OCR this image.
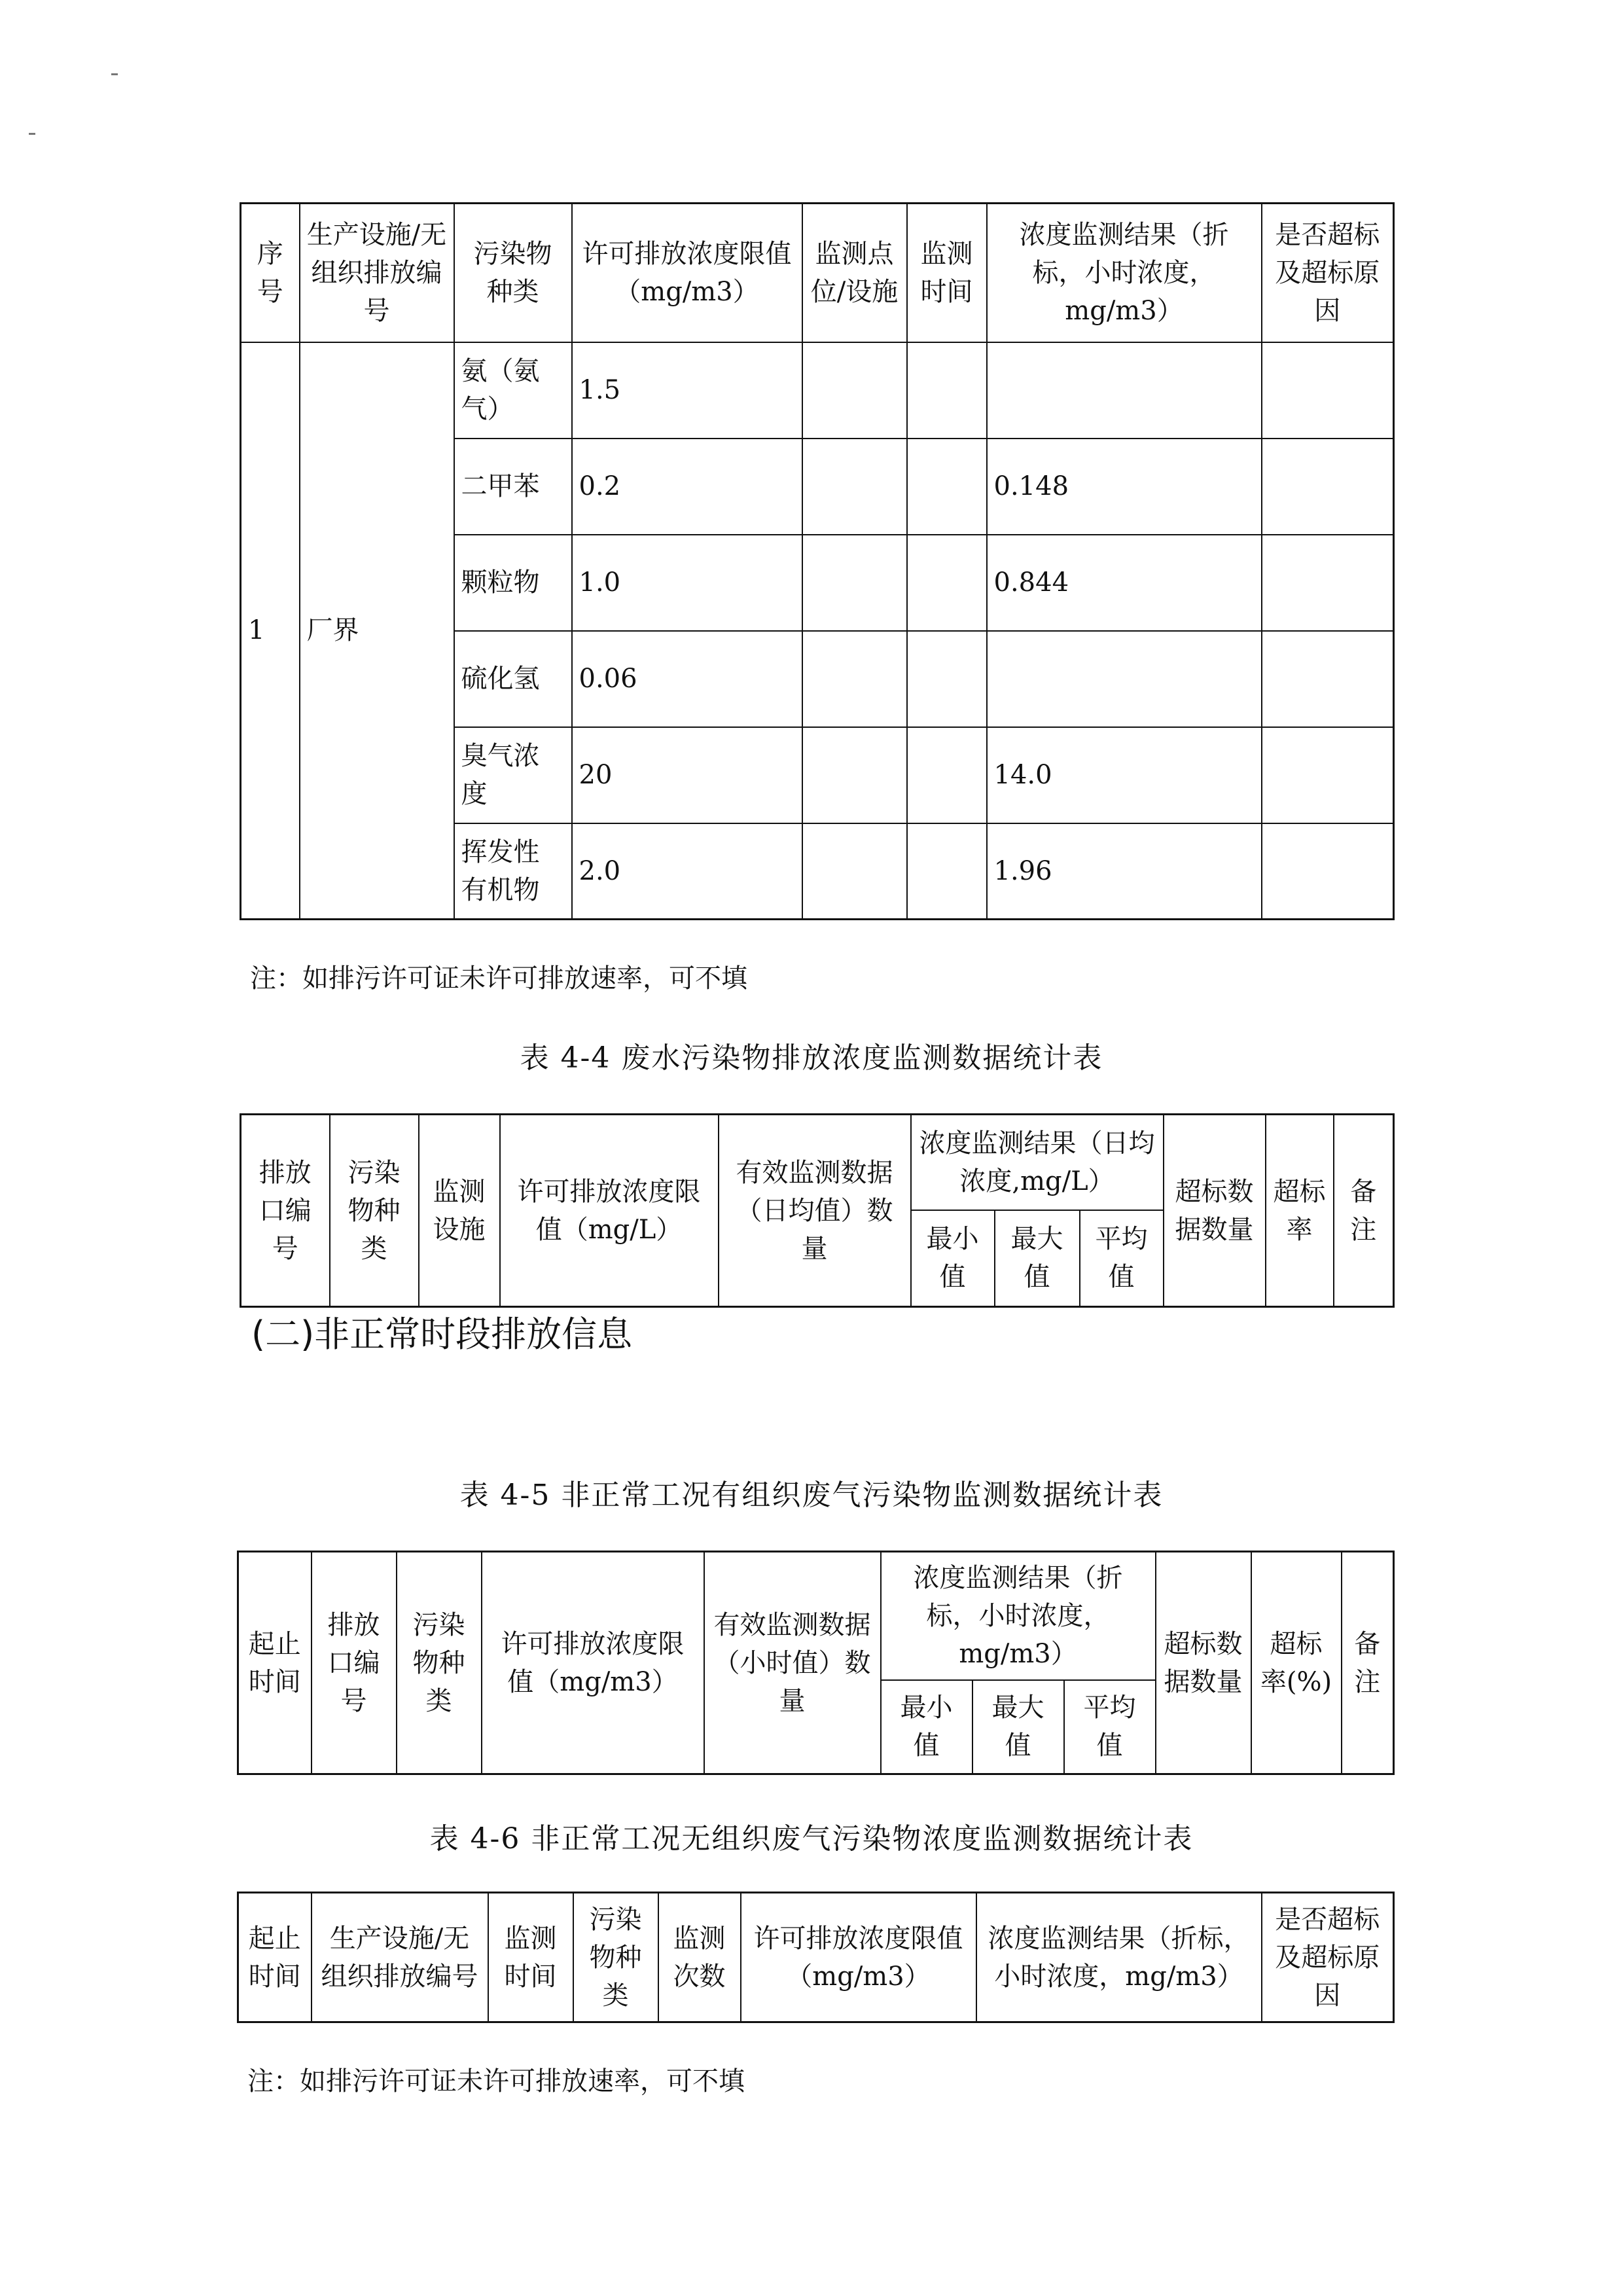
序号	生产设施/无组织排放编号	污染物种类	许可排放浓度限值（mg/m3）	监测点位/设施	监测时间	浓度监测结果（折标，小时浓度，mg/m3）	是否超标及超标原因
1	厂界	氨（氨气）	1.5				
		二甲苯	0.2			0.148	
		颗粒物	1.0			0.844	
		硫化氢	0.06				
		臭气浓度	20			14.0	
		挥发性有机物	2.0			1.96	
注：如排污许可证未许可排放速率，可不填
表 4-4 废水污染物排放浓度监测数据统计表
排放口编号	污染物种类	监测设施	许可排放浓度限值（mg/L）	有效监测数据（日均值）数量	浓度监测结果（日均浓度,mg/L）			超标数据数量	超标率	备注
					最小值	最大值	平均值			
(二)非正常时段排放信息
表 4-5 非正常工况有组织废气污染物监测数据统计表
起止时间	排放口编号	污染物种类	许可排放浓度限值（mg/m3）	有效监测数据（小时值）数量	浓度监测结果（折标，小时浓度，mg/m3）			超标数据数量	超标率(%)	备注
					最小值	最大值	平均值			
表 4-6 非正常工况无组织废气污染物浓度监测数据统计表
起止时间	生产设施/无组织排放编号	监测时间	污染物种类	监测次数	许可排放浓度限值（mg/m3）	浓度监测结果（折标，小时浓度，mg/m3）	是否超标及超标原因
注：如排污许可证未许可排放速率，可不填
